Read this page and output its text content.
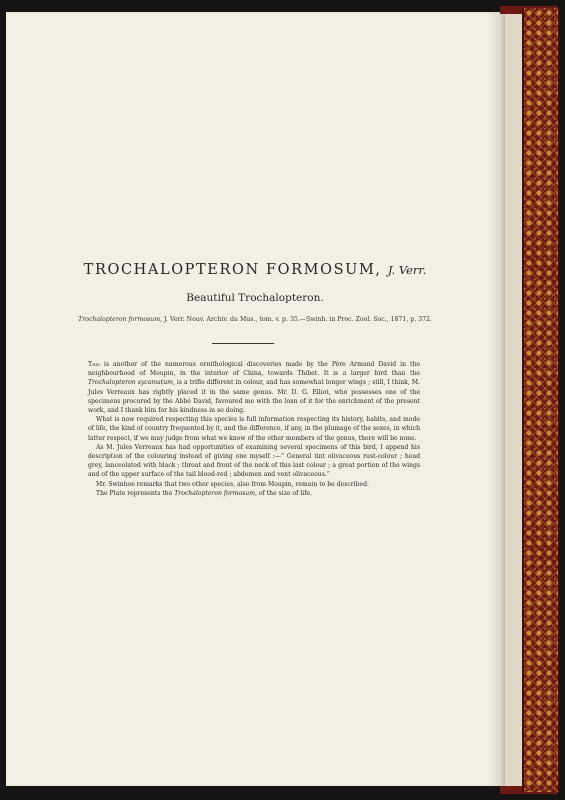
TROCHALOPTERON FORMOSUM, J. Verr.
Beautiful Trochalopteron.
Trochalopteron formosum, J. Verr. Nouv. Archiv. du Mus., tom. v. p. 35.—Swinh. in Proc. Zool. Soc., 1871, p. 372.

This is another of the numerous ornithological discoveries made by the Père Armand David in the neighbourhood of Moupin, in the interior of China, towards Thibet. It is a larger bird than the Trochalopteron sycamatum, is a trifle different in colour, and has somewhat longer wings ; still, I think, M. Jules Verreaux has rightly placed it in the same genus. Mr. D. G. Elliot, who possesses one of the specimens procured by the Abbé David, favoured me with the loan of it for the enrichment of the present work, and I thank him for his kindness in so doing.

What is now required respecting this species is full information respecting its history, habits, and mode of life, the kind of country frequented by it, and the difference, if any, in the plumage of the sexes, in which latter respect, if we may judge from what we know of the other members of the genus, there will be none.

As M. Jules Verreaux has had opportunities of examining several specimens of this bird, I append his description of the colouring instead of giving one myself :—“ General tint olivaceous rust-colour ; head grey, lanceolated with black ; throat and front of the neck of this last colour ; a great portion of the wings and of the upper surface of the tail blood-red ; abdomen and vent olivaceous.”

Mr. Swinhoe remarks that two other species, also from Moupin, remain to be described.

The Plate represents the Trochalopteron formosum, of the size of life.
